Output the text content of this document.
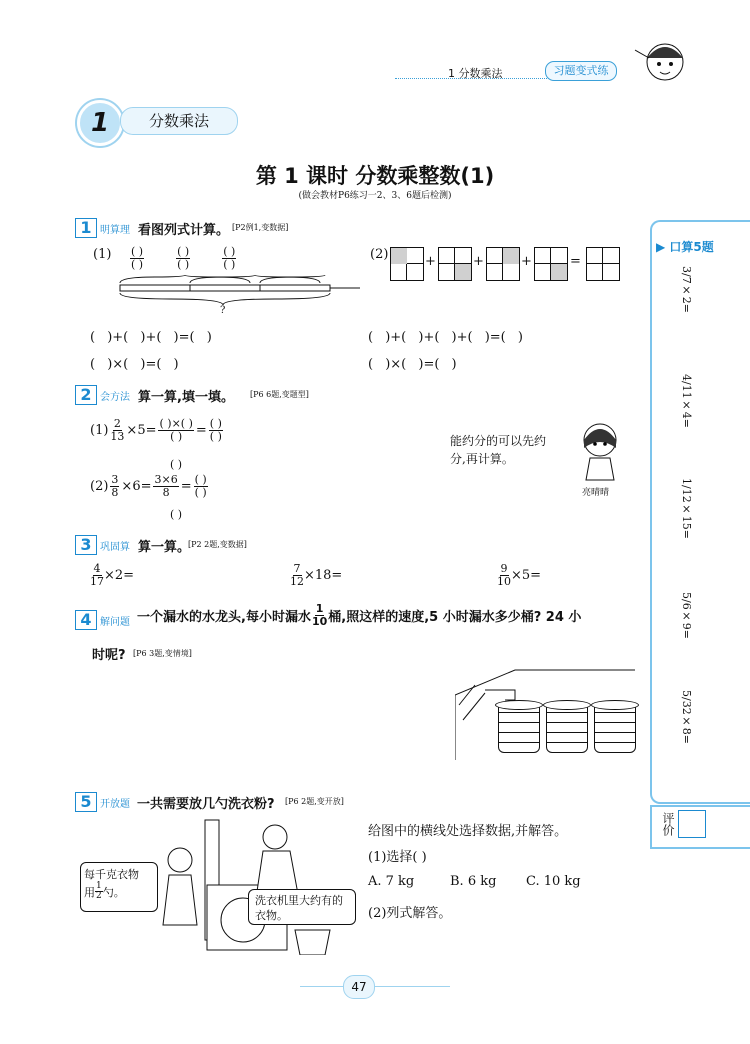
1 分数乘法	习题变式练
1	分数乘法
第 1 课时 分数乘整数(1)
(做会教材P6练习一2、3、6题后检测)
1 明算理 看图列式计算。 [P2例1,变数据]
(1)	(2)
$\frac{( )}{( )}$	$\frac{( )}{( )}$	$\frac{( )}{( )}$
?
+	+	+	=
( )+( )+( )=( )
( )×( )=( )
( )+( )+( )+( )=( )
( )×( )=( )
2 会方法 算一算,填一填。 [P6 6题,变题型]
$(1) \frac{2}{13} \times 5= \frac{( )\times( )}{( )} = \frac{( )}{( )}$
( )
$(2) \frac{3}{8} \times 6= \frac{3\times 6}{8} = \frac{( )}{( )}$
( )
能约分的可以先约分,再计算。
亮晴晴
3 巩固算 算一算。
[P2 2题,变数据]
$\frac{4}{17} \times 2=$	$\frac{7}{12} \times 18=$	$\frac{9}{10} \times 5=$
4 解问题 一个漏水的水龙头,每小时漏水 $\frac{1}{10}$ 桶,照这样的速度,5 小时漏水多少桶? 24 小
时呢? [P6 3题,变情境]
5 开放题 一共需要放几勺洗衣粉? [P6 2题,变开放]
每千克衣物

用 $\frac{1}{2}$ 勺。
洗衣机里大约有的衣物。
给图中的横线处选择数据,并解答。
(1)选择( )
A. 7 kg	B. 6 kg C. 10 kg
(2)列式解答。
▶ 口算5题
3/7×2=
4/11×4=
1/12×15=
5/6×9=
5/32×8=
评价
47
